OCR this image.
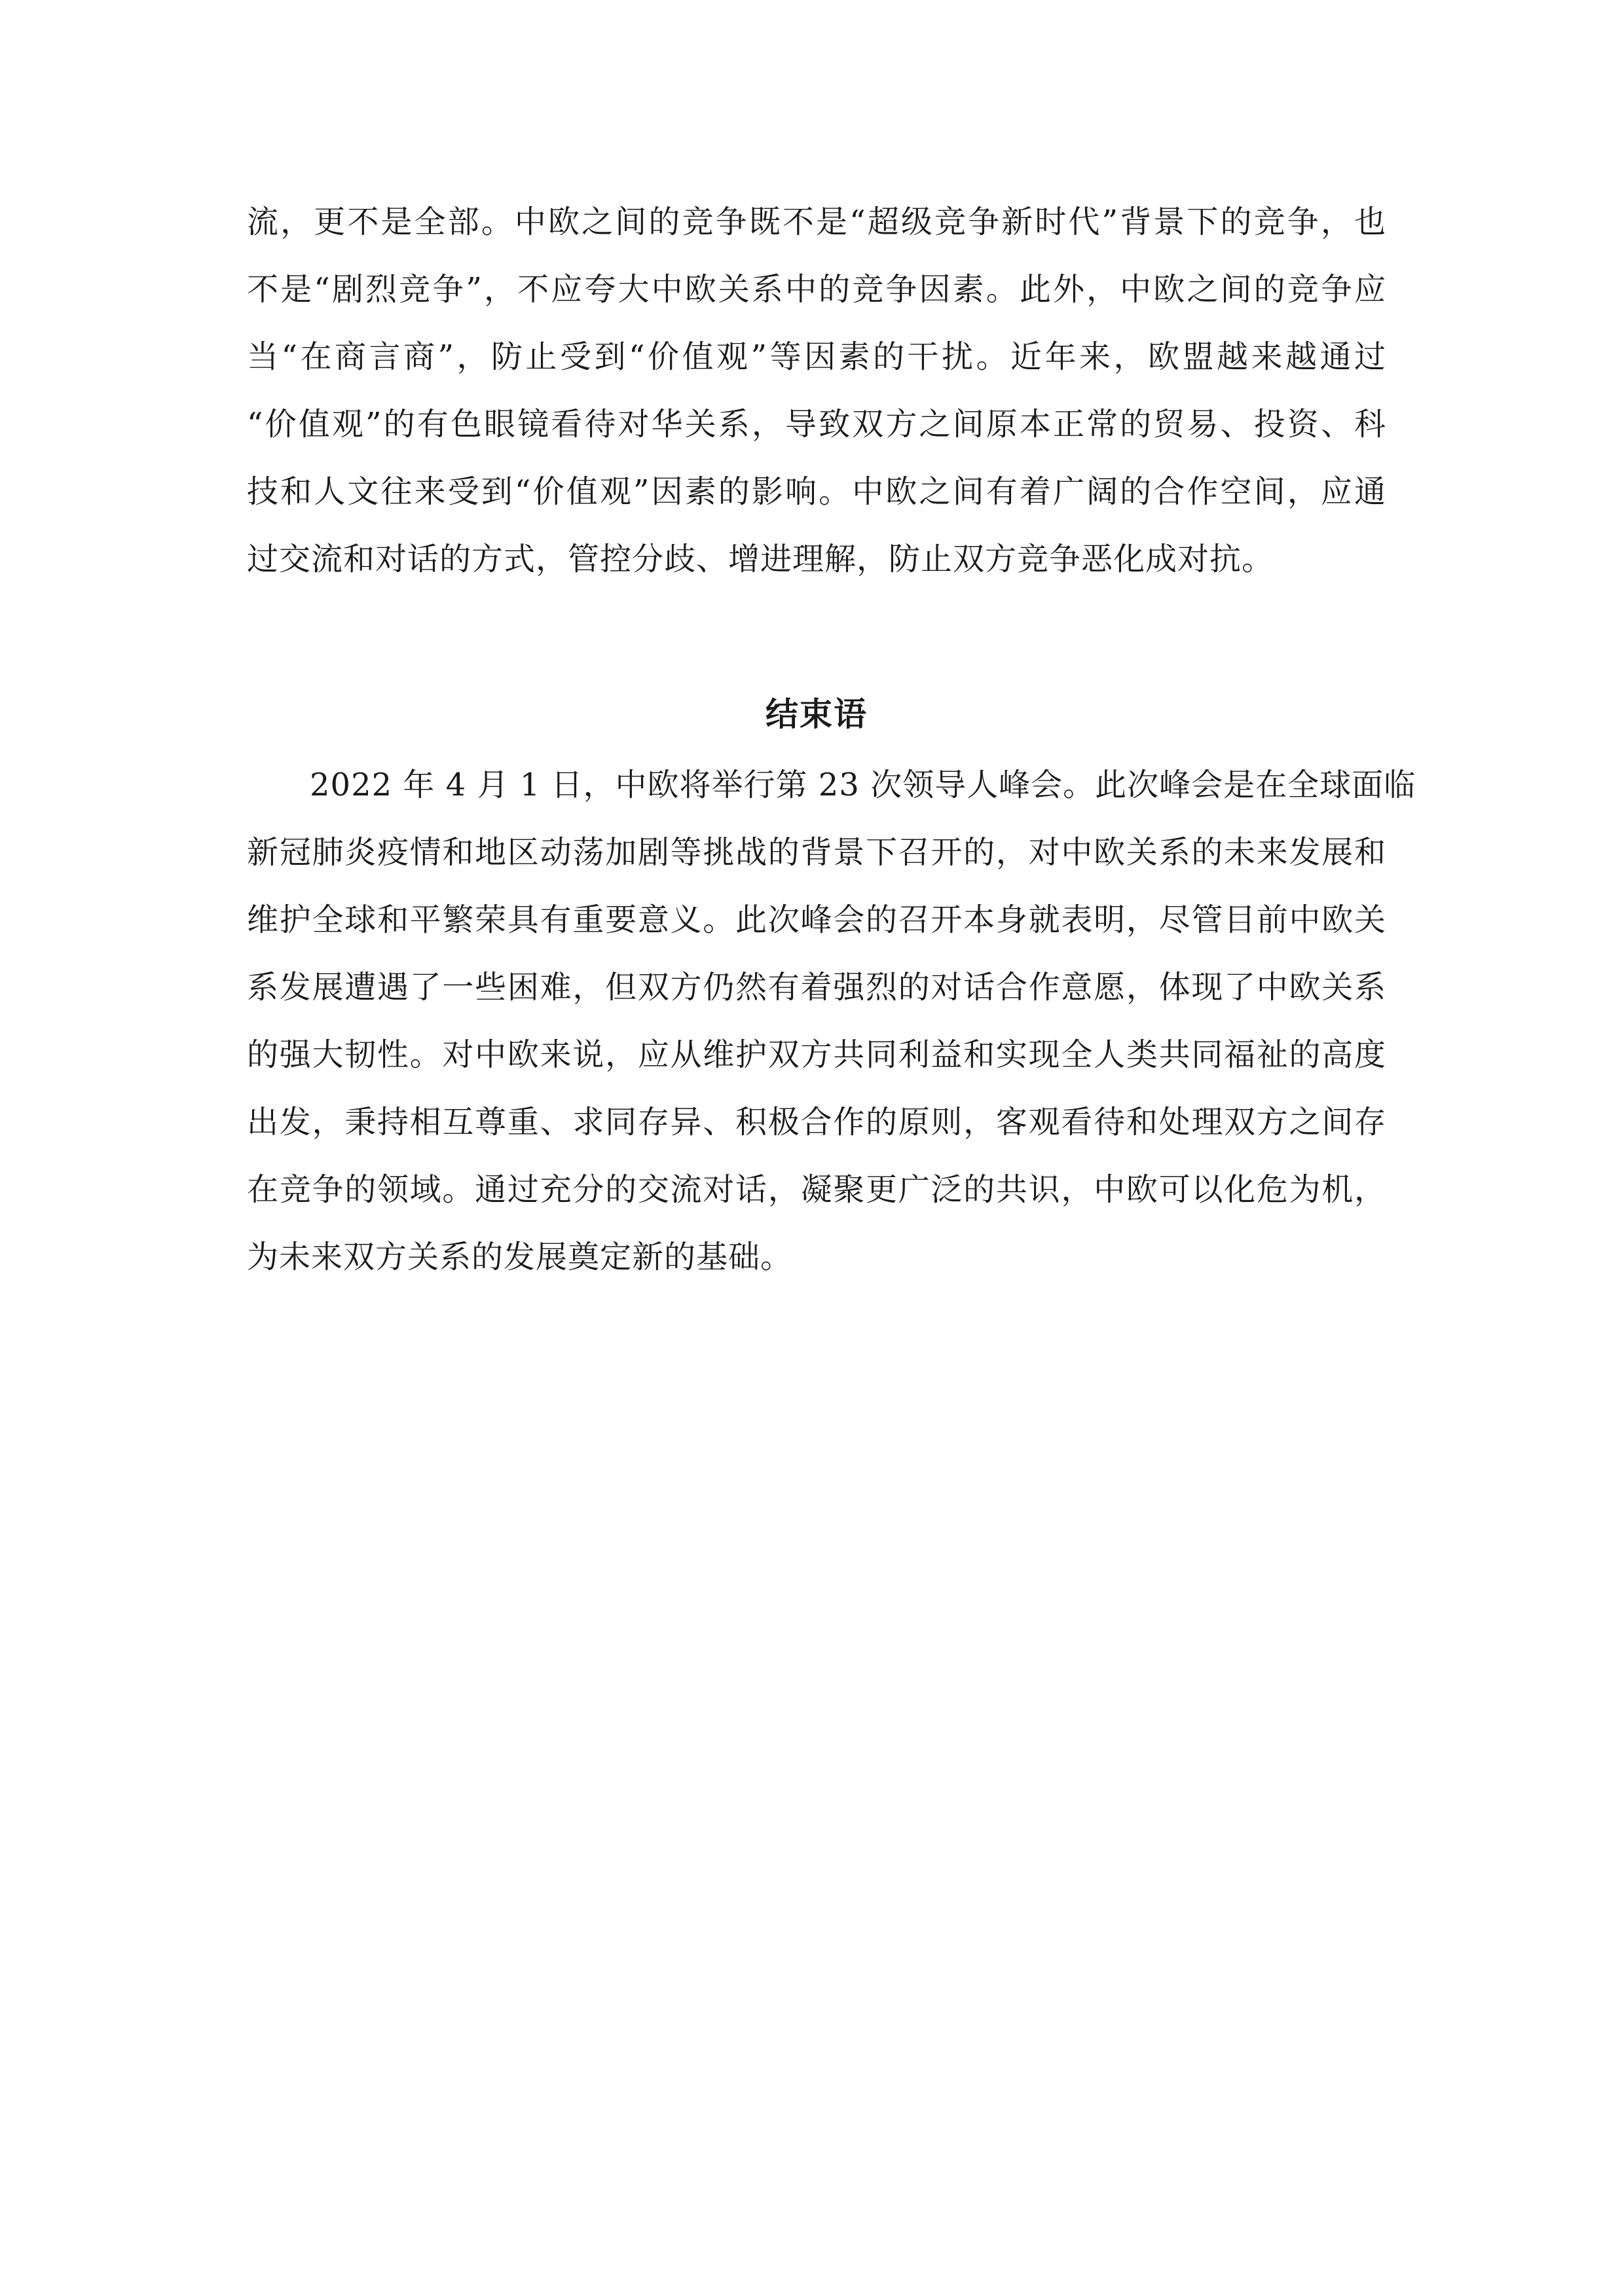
流，更不是全部。中欧之间的竞争既不是“超级竞争新时代”背景下的竞争，也
不是“剧烈竞争”，不应夸大中欧关系中的竞争因素。此外，中欧之间的竞争应
当“在商言商”，防止受到“价值观”等因素的干扰。近年来，欧盟越来越通过
“价值观”的有色眼镜看待对华关系，导致双方之间原本正常的贸易、投资、科
技和人文往来受到“价值观”因素的影响。中欧之间有着广阔的合作空间，应通
过交流和对话的方式，管控分歧、增进理解，防止双方竞争恶化成对抗。
结束语
2022 年 4 月 1 日，中欧将举行第 23 次领导人峰会。此次峰会是在全球面临
新冠肺炎疫情和地区动荡加剧等挑战的背景下召开的，对中欧关系的未来发展和
维护全球和平繁荣具有重要意义。此次峰会的召开本身就表明，尽管目前中欧关
系发展遭遇了一些困难，但双方仍然有着强烈的对话合作意愿，体现了中欧关系
的强大韧性。对中欧来说，应从维护双方共同利益和实现全人类共同福祉的高度
出发，秉持相互尊重、求同存异、积极合作的原则，客观看待和处理双方之间存
在竞争的领域。通过充分的交流对话，凝聚更广泛的共识，中欧可以化危为机，
为未来双方关系的发展奠定新的基础。
